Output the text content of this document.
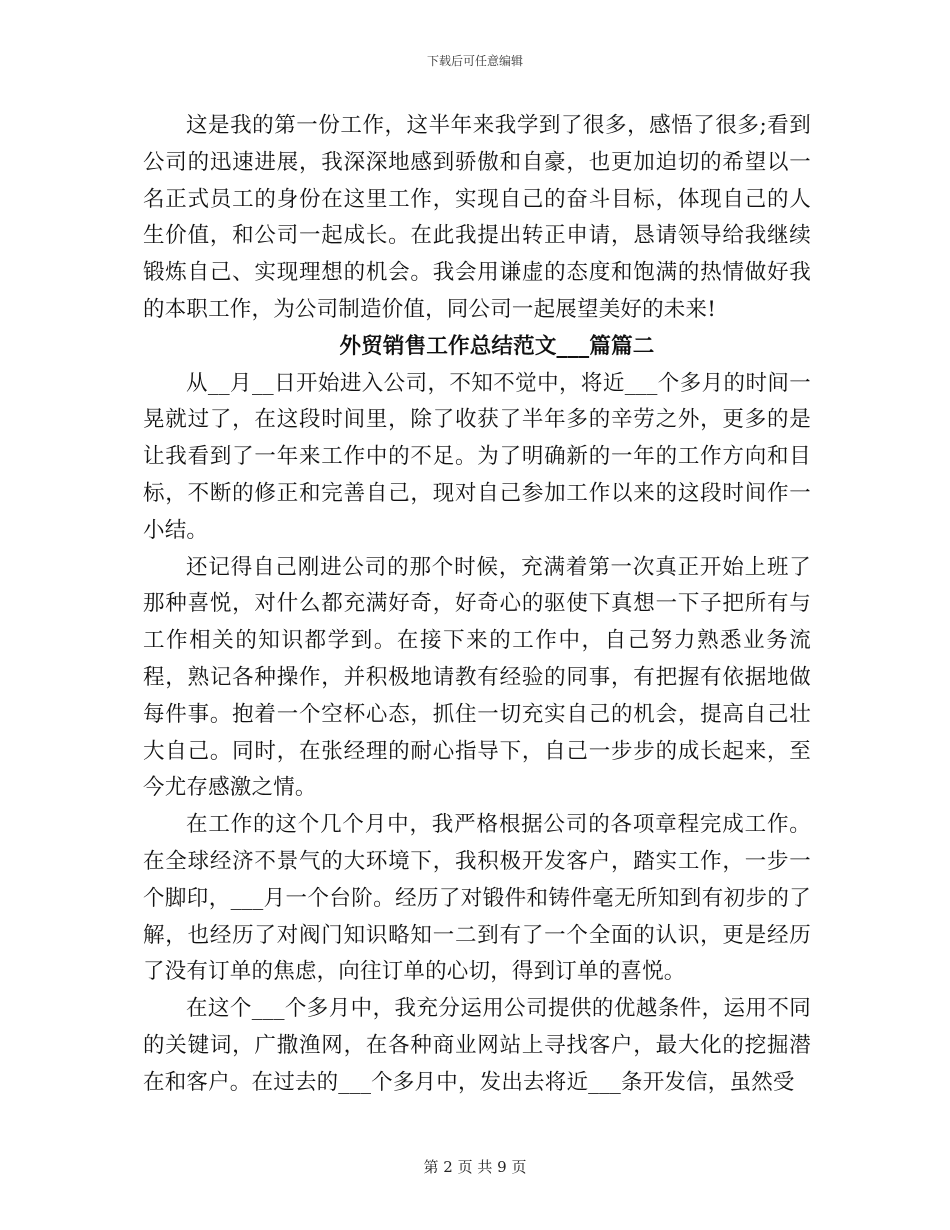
下载后可任意编辑

这是我的第一份工作，这半年来我学到了很多，感悟了很多;看到公司的迅速进展，我深深地感到骄傲和自豪，也更加迫切的希望以一名正式员工的身份在这里工作，实现自己的奋斗目标，体现自己的人生价值，和公司一起成长。在此我提出转正申请，恳请领导给我继续锻炼自己、实现理想的机会。我会用谦虚的态度和饱满的热情做好我的本职工作，为公司制造价值，同公司一起展望美好的未来!

外贸销售工作总结范文___篇篇二

从__月__日开始进入公司，不知不觉中，将近___个多月的时间一晃就过了，在这段时间里，除了收获了半年多的辛劳之外，更多的是让我看到了一年来工作中的不足。为了明确新的一年的工作方向和目标，不断的修正和完善自己，现对自己参加工作以来的这段时间作一小结。

还记得自己刚进公司的那个时候，充满着第一次真正开始上班了那种喜悦，对什么都充满好奇，好奇心的驱使下真想一下子把所有与工作相关的知识都学到。在接下来的工作中，自己努力熟悉业务流程，熟记各种操作，并积极地请教有经验的同事，有把握有依据地做每件事。抱着一个空杯心态，抓住一切充实自己的机会，提高自己壮大自己。同时，在张经理的耐心指导下，自己一步步的成长起来，至今尤存感激之情。

在工作的这个几个月中，我严格根据公司的各项章程完成工作。在全球经济不景气的大环境下，我积极开发客户，踏实工作，一步一个脚印，___月一个台阶。经历了对锻件和铸件毫无所知到有初步的了解，也经历了对阀门知识略知一二到有了一个全面的认识，更是经历了没有订单的焦虑，向往订单的心切，得到订单的喜悦。

在这个___个多月中，我充分运用公司提供的优越条件，运用不同的关键词，广撒渔网，在各种商业网站上寻找客户，最大化的挖掘潜在和客户。在过去的___个多月中，发出去将近___条开发信，虽然受

第 2 页 共 9 页
